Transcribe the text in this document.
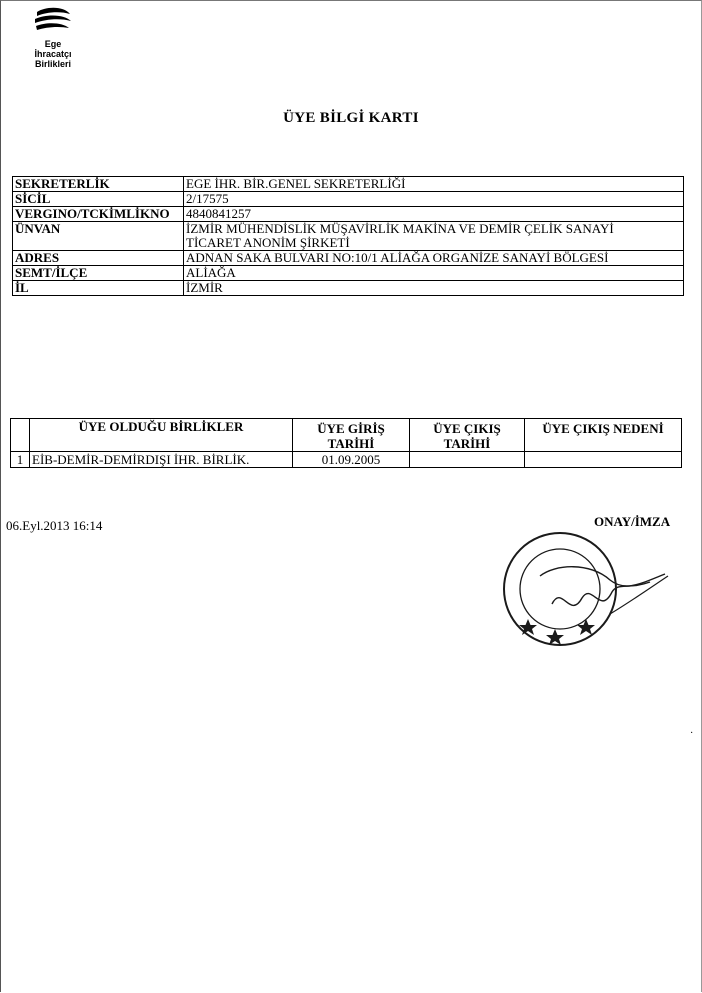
Ege
İhracatçı
Birlikleri
ÜYE BİLGİ KARTI
SEKRETERLİK	EGE İHR. BİR.GENEL SEKRETERLİĞİ
SİCİL	2/17575
VERGINO/TCKİMLİKNO	4840841257
ÜNVAN	İZMİR MÜHENDİSLİK MÜŞAVİRLİK MAKİNA VE DEMİR ÇELİK SANAYİ
TİCARET ANONİM ŞİRKETİ

ADRES	ADNAN SAKA BULVARI NO:10/1 ALİAĞA ORGANİZE SANAYİ BÖLGESİ
SEMT/İLÇE	ALİAĞA
İL	İZMİR
	ÜYE OLDUĞU BİRLİKLER	ÜYE GİRİŞ TARİHİ	ÜYE ÇIKIŞ TARİHİ	ÜYE ÇIKIŞ NEDENİ
1	EİB-DEMİR-DEMİRDIŞI İHR. BİRLİK.	01.09.2005		
06.Eyl.2013 16:14	ONAY/İMZA
·
